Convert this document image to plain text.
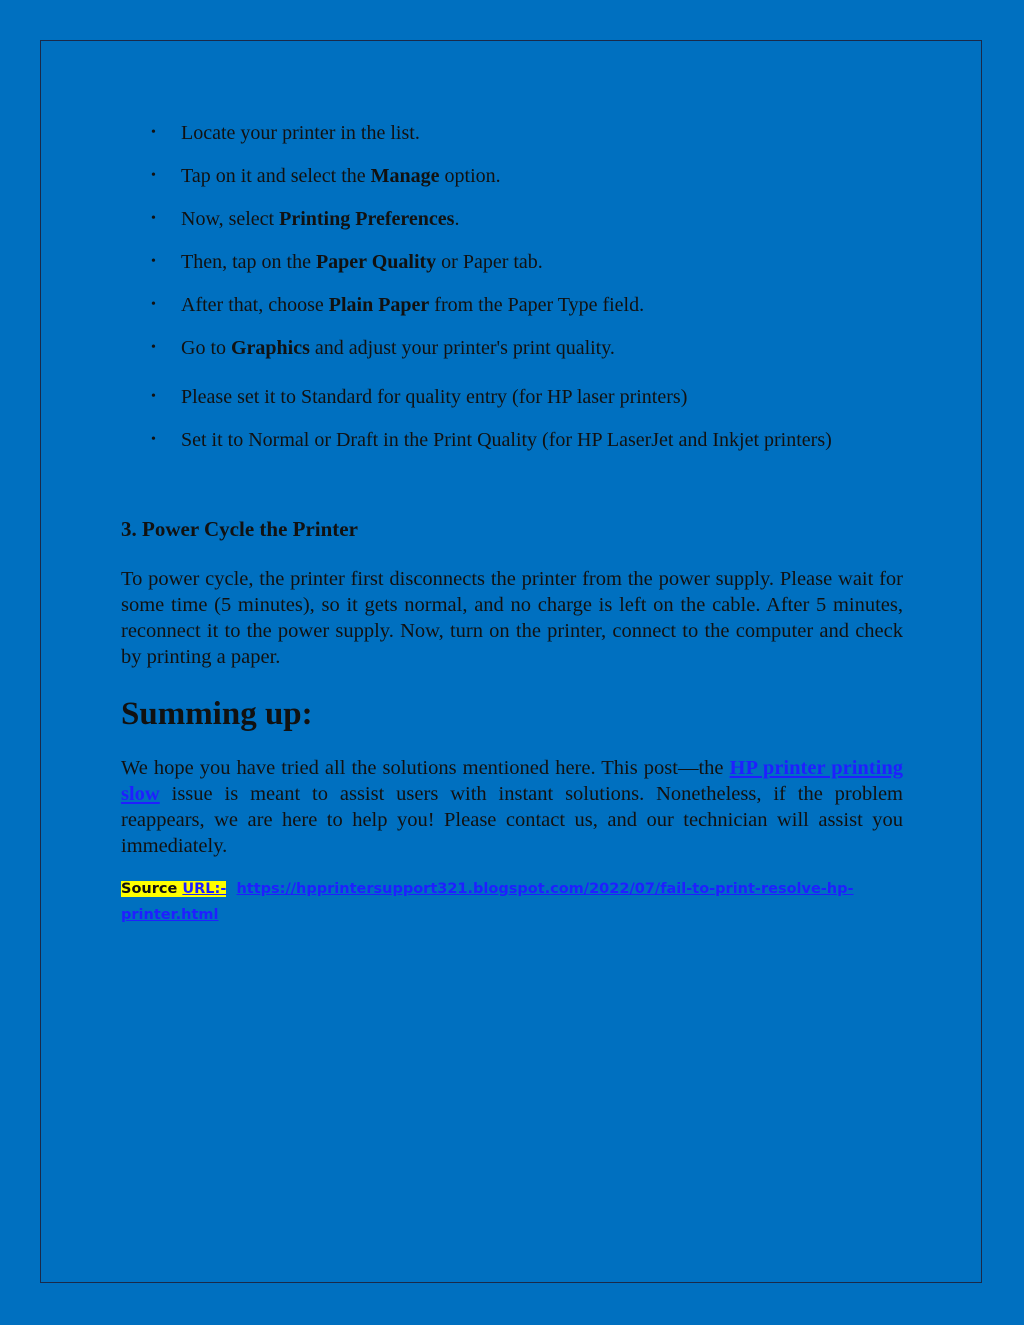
• Locate your printer in the list.
• Tap on it and select the Manage option.
• Now, select Printing Preferences.
• Then, tap on the Paper Quality or Paper tab.
• After that, choose Plain Paper from the Paper Type field.
• Go to Graphics and adjust your printer's print quality.
• Please set it to Standard for quality entry (for HP laser printers)
• Set it to Normal or Draft in the Print Quality (for HP LaserJet and Inkjet printers)
3. Power Cycle the Printer

To power cycle, the printer first disconnects the printer from the power supply. Please wait for some time (5 minutes), so it gets normal, and no charge is left on the cable. After 5 minutes, reconnect it to the power supply. Now, turn on the printer, connect to the computer and check by printing a paper.

Summing up:

We hope you have tried all the solutions mentioned here. This post—the HP printer printing slow issue is meant to assist users with instant solutions. Nonetheless, if the problem reappears, we are here to help you! Please contact us, and our technician will assist you immediately.

Source URL:- https://hpprintersupport321.blogspot.com/2022/07/fail-to-print-resolve-hp-printer.html
